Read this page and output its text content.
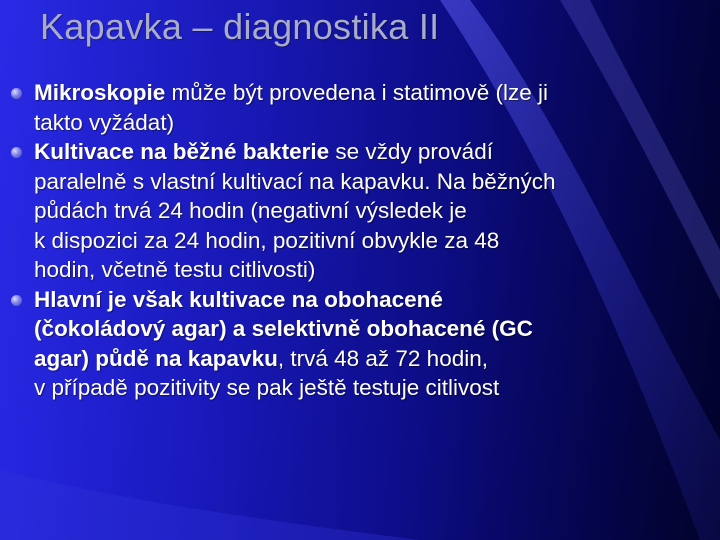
Kapavka – diagnostika II
Mikroskopie může být provedena i statimově (lze ji
takto vyžádat)
Kultivace na běžné bakterie se vždy provádí
paralelně s vlastní kultivací na kapavku. Na běžných
půdách trvá 24 hodin (negativní výsledek je
k dispozici za 24 hodin, pozitivní obvykle za 48
hodin, včetně testu citlivosti)
Hlavní je však kultivace na obohacené
(čokoládový agar) a selektivně obohacené (GC
agar) půdě na kapavku, trvá 48 až 72 hodin,
v případě pozitivity se pak ještě testuje citlivost
